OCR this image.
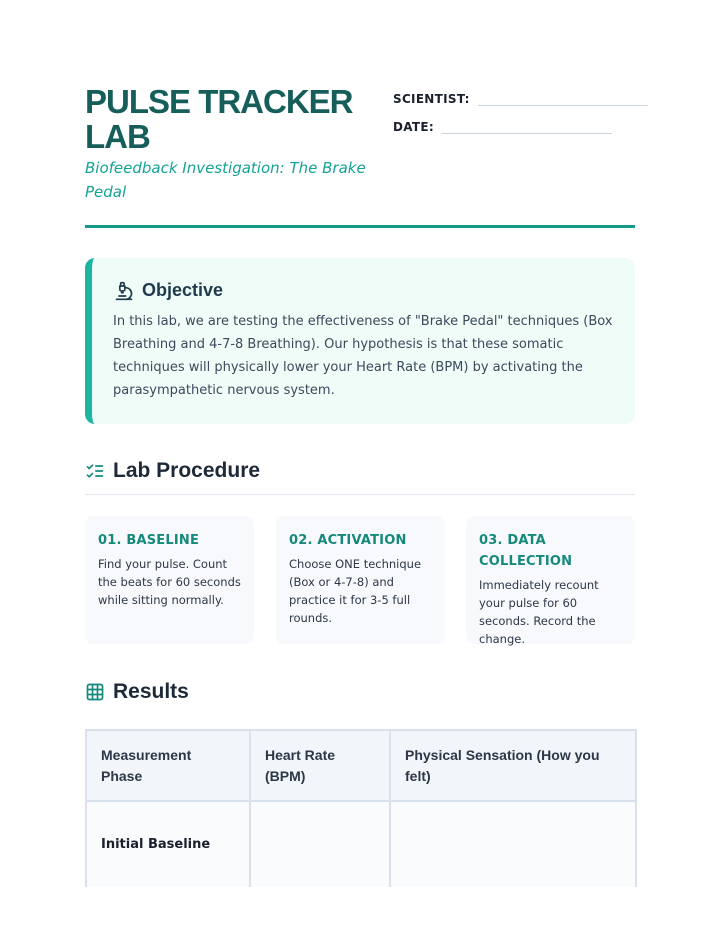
PULSE TRACKER LAB
Biofeedback Investigation: The Brake Pedal
SCIENTIST:
DATE:
Objective
In this lab, we are testing the effectiveness of "Brake Pedal" techniques (Box Breathing and 4-7-8 Breathing). Our hypothesis is that these somatic techniques will physically lower your Heart Rate (BPM) by activating the parasympathetic nervous system.
Lab Procedure
01. BASELINE
Find your pulse. Count the beats for 60 seconds while sitting normally.
02. ACTIVATION
Choose ONE technique (Box or 4-7-8) and practice it for 3-5 full rounds.
03. DATA COLLECTION
Immediately recount your pulse for 60 seconds. Record the change.
Results
Measurement Phase	Heart Rate (BPM)	Physical Sensation (How you felt)
Initial Baseline		
